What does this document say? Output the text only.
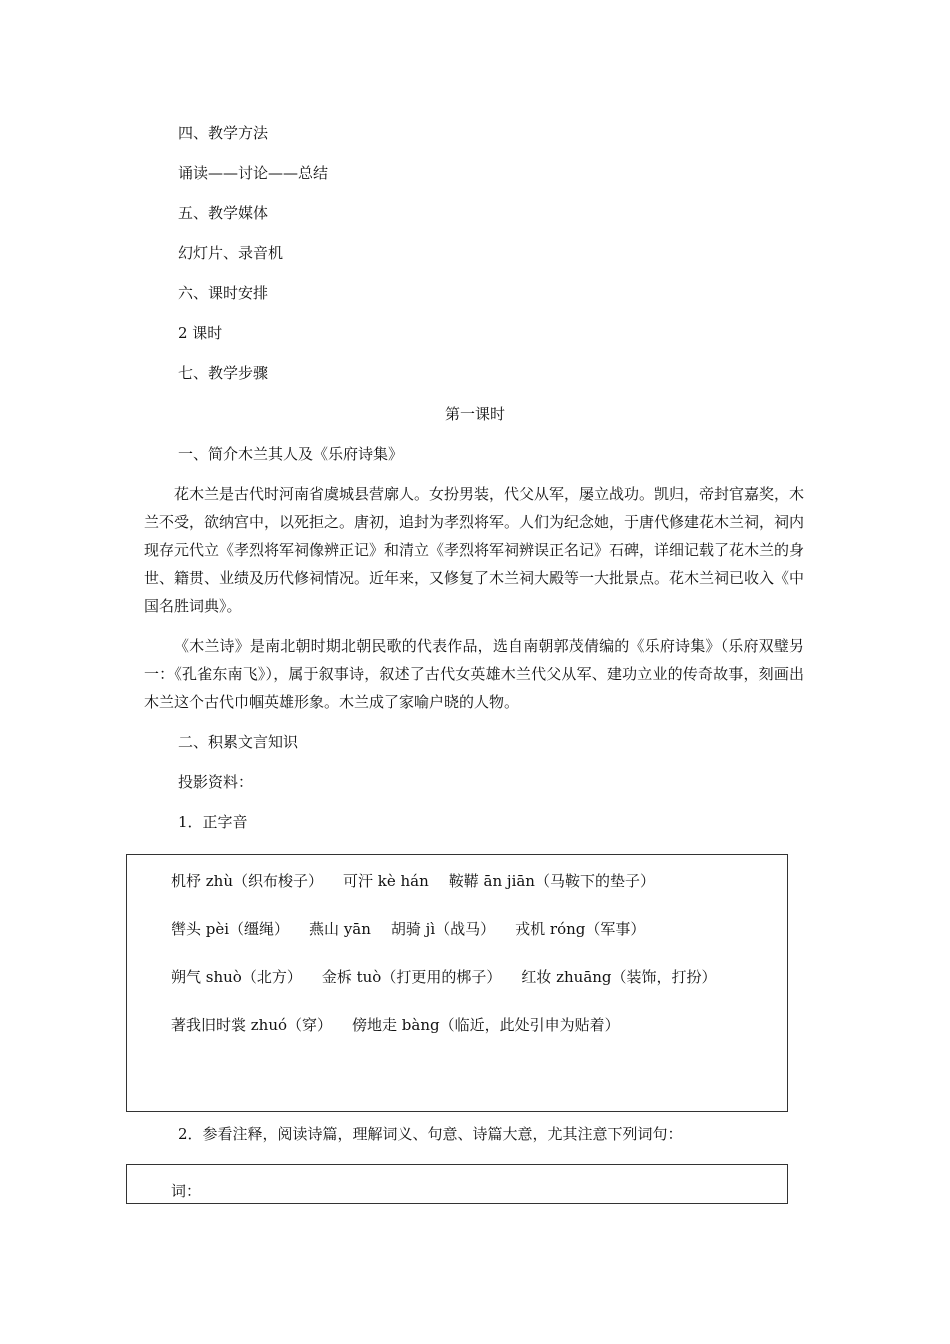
四、教学方法
诵读——讨论——总结
五、教学媒体
幻灯片、录音机
六、课时安排
2 课时
七、教学步骤
第一课时
一、简介木兰其人及《乐府诗集》

花木兰是古代时河南省虞城县营廓人。女扮男装，代父从军，屡立战功。凯归，帝封官嘉奖，木兰不受，欲纳宫中，以死拒之。唐初，追封为孝烈将军。人们为纪念她，于唐代修建花木兰祠，祠内现存元代立《孝烈将军祠像辨正记》和清立《孝烈将军祠辨误正名记》石碑，详细记载了花木兰的身世、籍贯、业绩及历代修祠情况。近年来，又修复了木兰祠大殿等一大批景点。花木兰祠已收入《中国名胜词典》。

《木兰诗》是南北朝时期北朝民歌的代表作品，选自南朝郭茂倩编的《乐府诗集》（乐府双璧另一：《孔雀东南飞》），属于叙事诗，叙述了古代女英雄木兰代父从军、建功立业的传奇故事，刻画出木兰这个古代巾帼英雄形象。木兰成了家喻户晓的人物。

二、积累文言知识
投影资料：
1．正字音
机杼 zhù（织布梭子） 可汗 kè hán 鞍鞯 ān jiān（马鞍下的垫子）
辔头 pèi（缰绳） 燕山 yān 胡骑 jì（战马） 戎机 róng（军事）
朔气 shuò（北方） 金柝 tuò（打更用的梆子） 红妆 zhuāng（装饰，打扮）
著我旧时裳 zhuó（穿） 傍地走 bàng（临近，此处引申为贴着）
2．参看注释，阅读诗篇，理解词义、句意、诗篇大意，尤其注意下列词句：
词：
